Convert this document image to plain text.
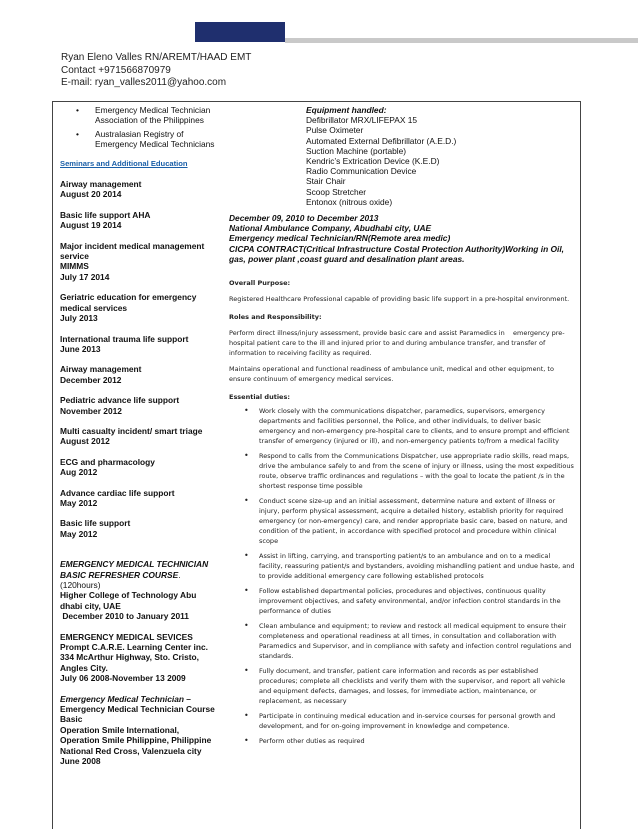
Ryan Eleno Valles RN/AREMT/HAAD EMT
Contact +971566870979
E-mail: ryan_valles2011@yahoo.com
• Emergency Medical Technician Association of the Philippines
• Australasian Registry of Emergency Medical Technicians
Seminars and Additional Education
Airway management
August 20 2014
Basic life support AHA
August 19 2014
Major incident medical management service
MIMMS
July 17 2014
Geriatric education for emergency medical services
July 2013
International trauma life support
June 2013
Airway management
December 2012
Pediatric advance life support
November 2012
Multi casualty incident/ smart triage
August 2012
ECG and pharmacology
Aug 2012
Advance cardiac life support
May 2012
Basic life support
May 2012
EMERGENCY MEDICAL TECHNICIAN BASIC REFRESHER COURSE.
(120hours)
Higher College of Technology Abu dhabi city, UAE
December 2010 to January 2011
EMERGENCY MEDICAL SEVICES
Prompt C.A.R.E. Learning Center inc.
334 McArthur Highway, Sto. Cristo, Angles City.
July 06 2008-November 13 2009
Emergency Medical Technician –
Emergency Medical Technician Course Basic
Operation Smile International, Operation Smile Philippine, Philippine National Red Cross, Valenzuela city
June 2008
Equipment handled:
Defibrillator MRX/LIFEPAX 15
Pulse Oximeter
Automated External Defibrillator (A.E.D.)
Suction Machine (portable)
Kendric’s Extrication Device (K.E.D)
Radio Communication Device
Stair Chair
Scoop Stretcher
Entonox (nitrous oxide)
December 09, 2010 to December 2013
National Ambulance Company, Abudhabi city, UAE
Emergency medical Technician/RN(Remote area medic)
CICPA CONTRACT(Critical Infrastructure Costal Protection Authority)Working in Oil, gas, power plant ,coast guard and desalination plant areas.
Overall Purpose:
Registered Healthcare Professional capable of providing basic life support in a pre-hospital environment.
Roles and Responsibility:
Perform direct illness/injury assessment, provide basic care and assist Paramedics in    emergency pre-hospital patient care to the ill and injured prior to and during ambulance transfer, and transfer of information to receiving facility as required.
Maintains operational and functional readiness of ambulance unit, medical and other equipment, to ensure continuum of emergency medical services.
Essential duties:
• Work closely with the communications dispatcher, paramedics, supervisors, emergency departments and facilities personnel, the Police, and other individuals, to deliver basic emergency and non-emergency pre-hospital care to clients, and to ensure prompt and efficient transfer of emergency (injured or ill), and non-emergency patients to/from a medical facility
• Respond to calls from the Communications Dispatcher, use appropriate radio skills, read maps, drive the ambulance safely to and from the scene of injury or illness, using the most expeditious route, observe traffic ordinances and regulations – with the goal to locate the patient /s in the shortest response time possible
• Conduct scene size-up and an initial assessment, determine nature and extent of illness or injury, perform physical assessment, acquire a detailed history, establish priority for required emergency (or non-emergency) care, and render appropriate basic care, based on nature, and condition of the patient, in accordance with specified protocol and procedure within clinical scope
• Assist in lifting, carrying, and transporting patient/s to an ambulance and on to a medical facility, reassuring patient/s and bystanders, avoiding mishandling patient and undue haste, and to provide additional emergency care following established protocols
• Follow established departmental policies, procedures and objectives, continuous quality improvement objectives, and safety environmental, and/or infection control standards in the performance of duties
• Clean ambulance and equipment; to review and restock all medical equipment to ensure their completeness and operational readiness at all times, in consultation and collaboration with Paramedics and Supervisor, and in compliance with safety and infection control regulations and standards.
• Fully document, and transfer, patient care information and records as per established procedures; complete all checklists and verify them with the supervisor, and report all vehicle and equipment defects, damages, and losses, for immediate action, maintenance, or replacement, as necessary
• Participate in continuing medical education and in-service courses for personal growth and development, and for on-going improvement in knowledge and competence.
• Perform other duties as required
